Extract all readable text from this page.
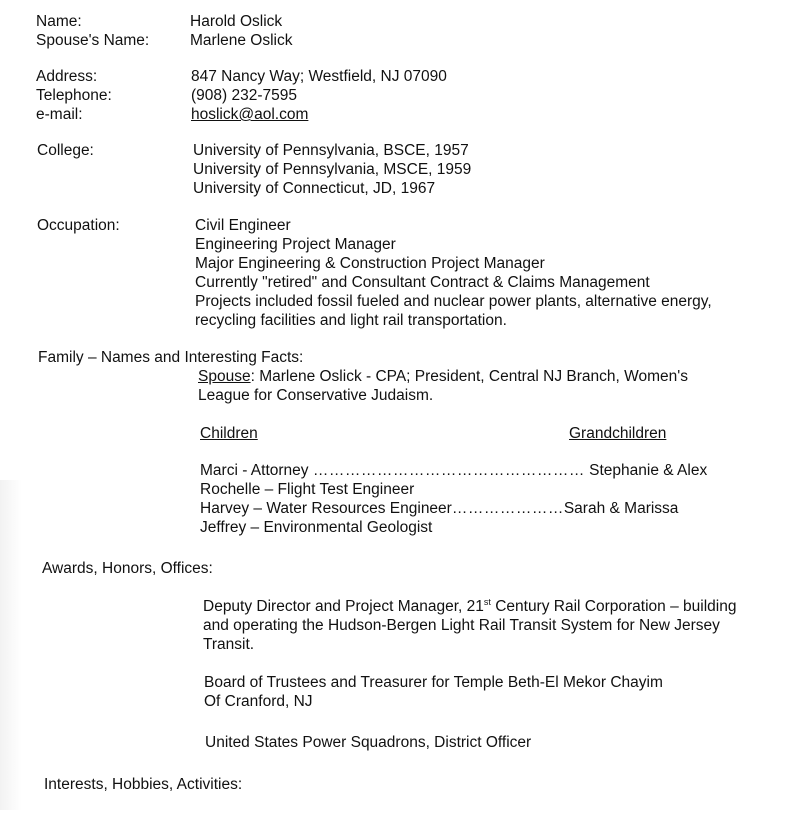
Name:	Harold Oslick

Spouse's Name:	Marlene Oslick

Address:	847 Nancy Way; Westfield, NJ 07090

Telephone:	(908) 232-7595

e-mail:	hoslick@aol.com

College:	University of Pennsylvania, BSCE, 1957

University of Pennsylvania, MSCE, 1959

University of Connecticut, JD, 1967

Occupation:	Civil Engineer

Engineering Project Manager

Major Engineering & Construction Project Manager

Currently "retired" and Consultant Contract & Claims Management

Projects included fossil fueled and nuclear power plants, alternative energy,

recycling facilities and light rail transportation.

Family – Names and Interesting Facts:

Spouse: Marlene Oslick - CPA; President, Central NJ Branch, Women's

League for Conservative Judaism.

Children	Grandchildren

Marci - Attorney …………………………………………… Stephanie & Alex

Rochelle – Flight Test Engineer

Harvey – Water Resources Engineer…………………Sarah & Marissa

Jeffrey – Environmental Geologist

Awards, Honors, Offices:

Deputy Director and Project Manager, 21st Century Rail Corporation – building

and operating the Hudson-Bergen Light Rail Transit System for New Jersey

Transit.

Board of Trustees and Treasurer for Temple Beth-El Mekor Chayim

Of Cranford, NJ

United States Power Squadrons, District Officer

Interests, Hobbies, Activities:
